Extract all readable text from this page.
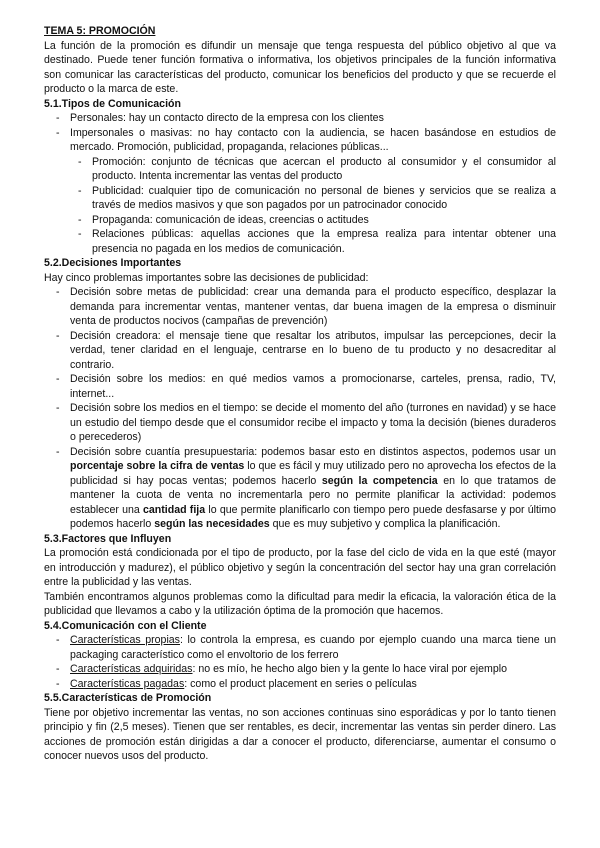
TEMA 5: PROMOCIÓN

La función de la promoción es difundir un mensaje que tenga respuesta del público objetivo al que va destinado. Puede tener función formativa o informativa, los objetivos principales de la función informativa son comunicar las características del producto, comunicar los beneficios del producto y que se recuerde el producto o la marca de este.

5.1.Tipos de Comunicación
- Personales: hay un contacto directo de la empresa con los clientes
- Impersonales o masivas: no hay contacto con la audiencia, se hacen basándose en estudios de mercado. Promoción, publicidad, propaganda, relaciones públicas...
- Promoción: conjunto de técnicas que acercan el producto al consumidor y el consumidor al producto. Intenta incrementar las ventas del producto
- Publicidad: cualquier tipo de comunicación no personal de bienes y servicios que se realiza a través de medios masivos y que son pagados por un patrocinador conocido
- Propaganda: comunicación de ideas, creencias o actitudes
- Relaciones públicas: aquellas acciones que la empresa realiza para intentar obtener una presencia no pagada en los medios de comunicación.
5.2.Decisiones Importantes

Hay cinco problemas importantes sobre las decisiones de publicidad:

- Decisión sobre metas de publicidad: crear una demanda para el producto específico, desplazar la demanda para incrementar ventas, mantener ventas, dar buena imagen de la empresa o disminuir venta de productos nocivos (campañas de prevención)
- Decisión creadora: el mensaje tiene que resaltar los atributos, impulsar las percepciones, decir la verdad, tener claridad en el lenguaje, centrarse en lo bueno de tu producto y no desacreditar al contrario.
- Decisión sobre los medios: en qué medios vamos a promocionarse, carteles, prensa, radio, TV, internet...
- Decisión sobre los medios en el tiempo: se decide el momento del año (turrones en navidad) y se hace un estudio del tiempo desde que el consumidor recibe el impacto y toma la decisión (bienes duraderos o perecederos)
- Decisión sobre cuantía presupuestaria: podemos basar esto en distintos aspectos, podemos usar un porcentaje sobre la cifra de ventas lo que es fácil y muy utilizado pero no aprovecha los efectos de la publicidad si hay pocas ventas; podemos hacerlo según la competencia en lo que tratamos de mantener la cuota de venta no incrementarla pero no permite planificar la actividad: podemos establecer una cantidad fija lo que permite planificarlo con tiempo pero puede desfasarse y por último podemos hacerlo según las necesidades que es muy subjetivo y complica la planificación.
5.3.Factores que Influyen

La promoción está condicionada por el tipo de producto, por la fase del ciclo de vida en la que esté (mayor en introducción y madurez), el público objetivo y según la concentración del sector hay una gran correlación entre la publicidad y las ventas.

También encontramos algunos problemas como la dificultad para medir la eficacia, la valoración ética de la publicidad que llevamos a cabo y la utilización óptima de la promoción que hacemos.

5.4.Comunicación con el Cliente
- Características propias: lo controla la empresa, es cuando por ejemplo cuando una marca tiene un packaging característico como el envoltorio de los ferrero
- Características adquiridas: no es mío, he hecho algo bien y la gente lo hace viral por ejemplo
- Características pagadas: como el product placement en series o películas
5.5.Características de Promoción

Tiene por objetivo incrementar las ventas, no son acciones continuas sino esporádicas y por lo tanto tienen principio y fin (2,5 meses). Tienen que ser rentables, es decir, incrementar las ventas sin perder dinero. Las acciones de promoción están dirigidas a dar a conocer el producto, diferenciarse, aumentar el consumo o conocer nuevos usos del producto.
